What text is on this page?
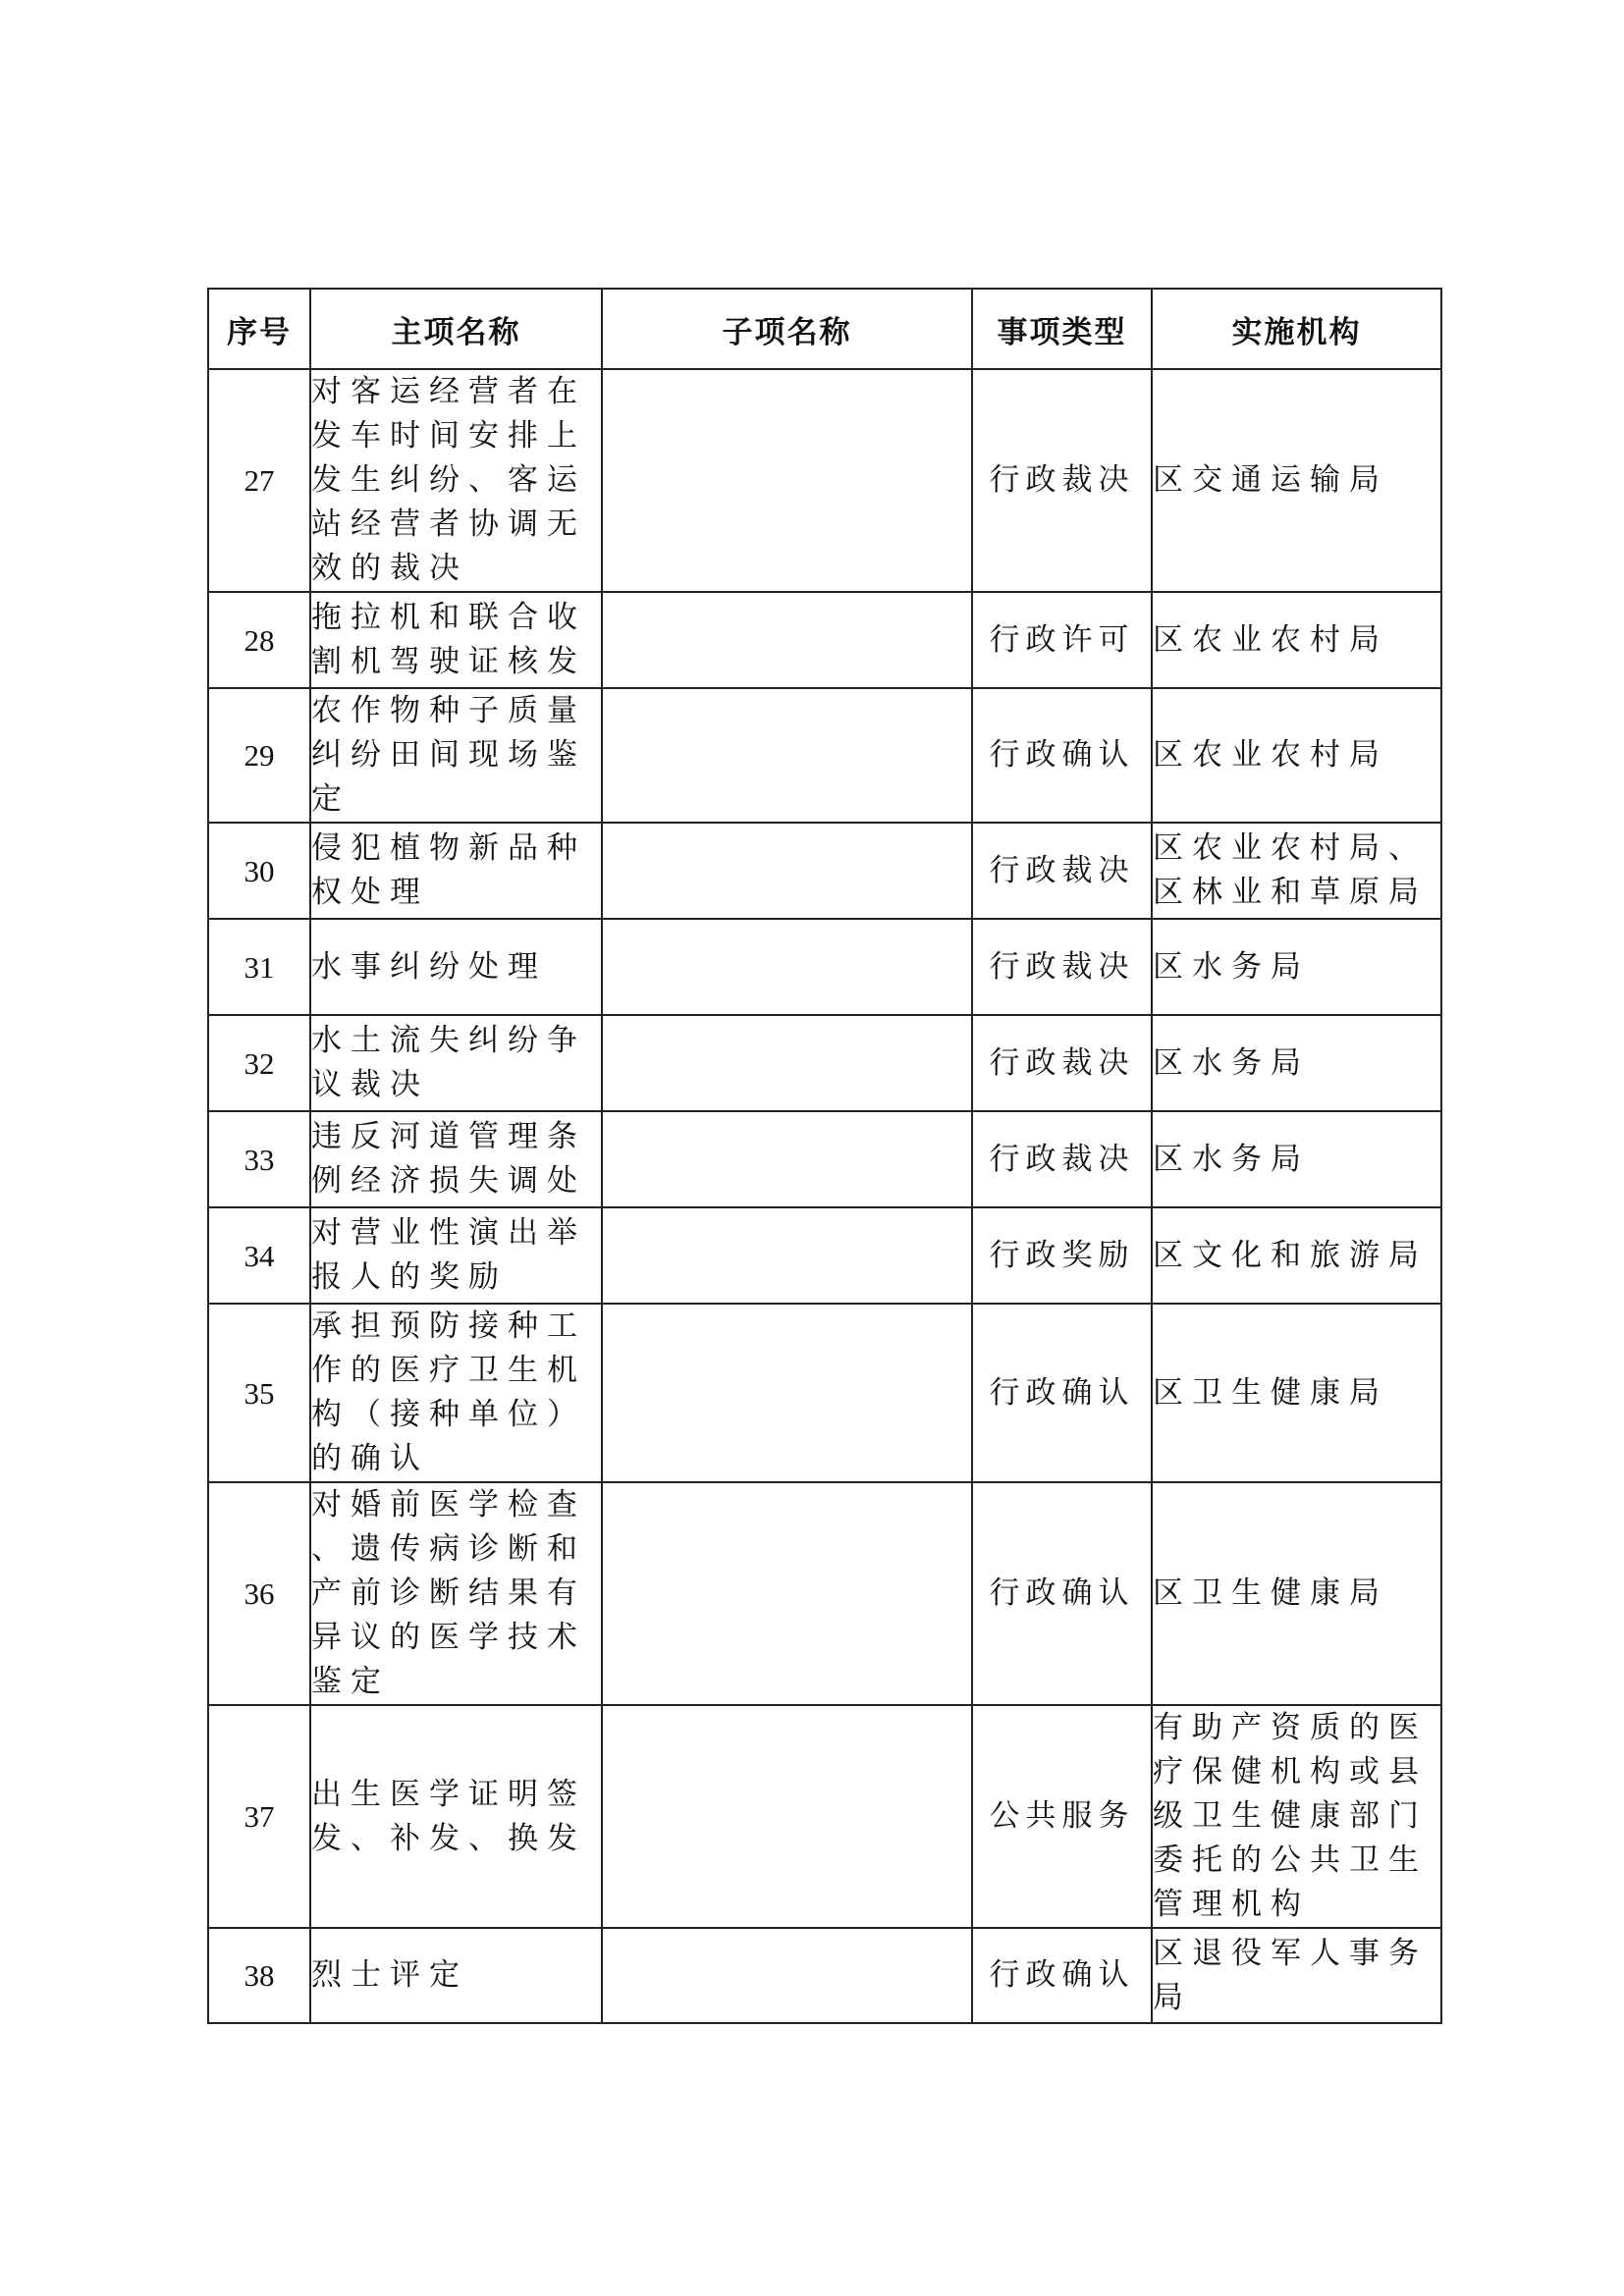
序号	主项名称	子项名称	事项类型	实施机构
27	对客运经营者在发车时间安排上发生纠纷、客运站经营者协调无效的裁决		行政裁决	区交通运输局
28	拖拉机和联合收割机驾驶证核发		行政许可	区农业农村局
29	农作物种子质量纠纷田间现场鉴定		行政确认	区农业农村局
30	侵犯植物新品种权处理		行政裁决	区农业农村局、区林业和草原局
31	水事纠纷处理		行政裁决	区水务局
32	水土流失纠纷争议裁决		行政裁决	区水务局
33	违反河道管理条例经济损失调处		行政裁决	区水务局
34	对营业性演出举报人的奖励		行政奖励	区文化和旅游局
35	承担预防接种工作的医疗卫生机构（接种单位）的确认		行政确认	区卫生健康局
36	对婚前医学检查、遗传病诊断和产前诊断结果有异议的医学技术鉴定		行政确认	区卫生健康局
37	出生医学证明签发、补发、换发		公共服务	有助产资质的医疗保健机构或县级卫生健康部门委托的公共卫生管理机构
38	烈士评定		行政确认	区退役军人事务局
